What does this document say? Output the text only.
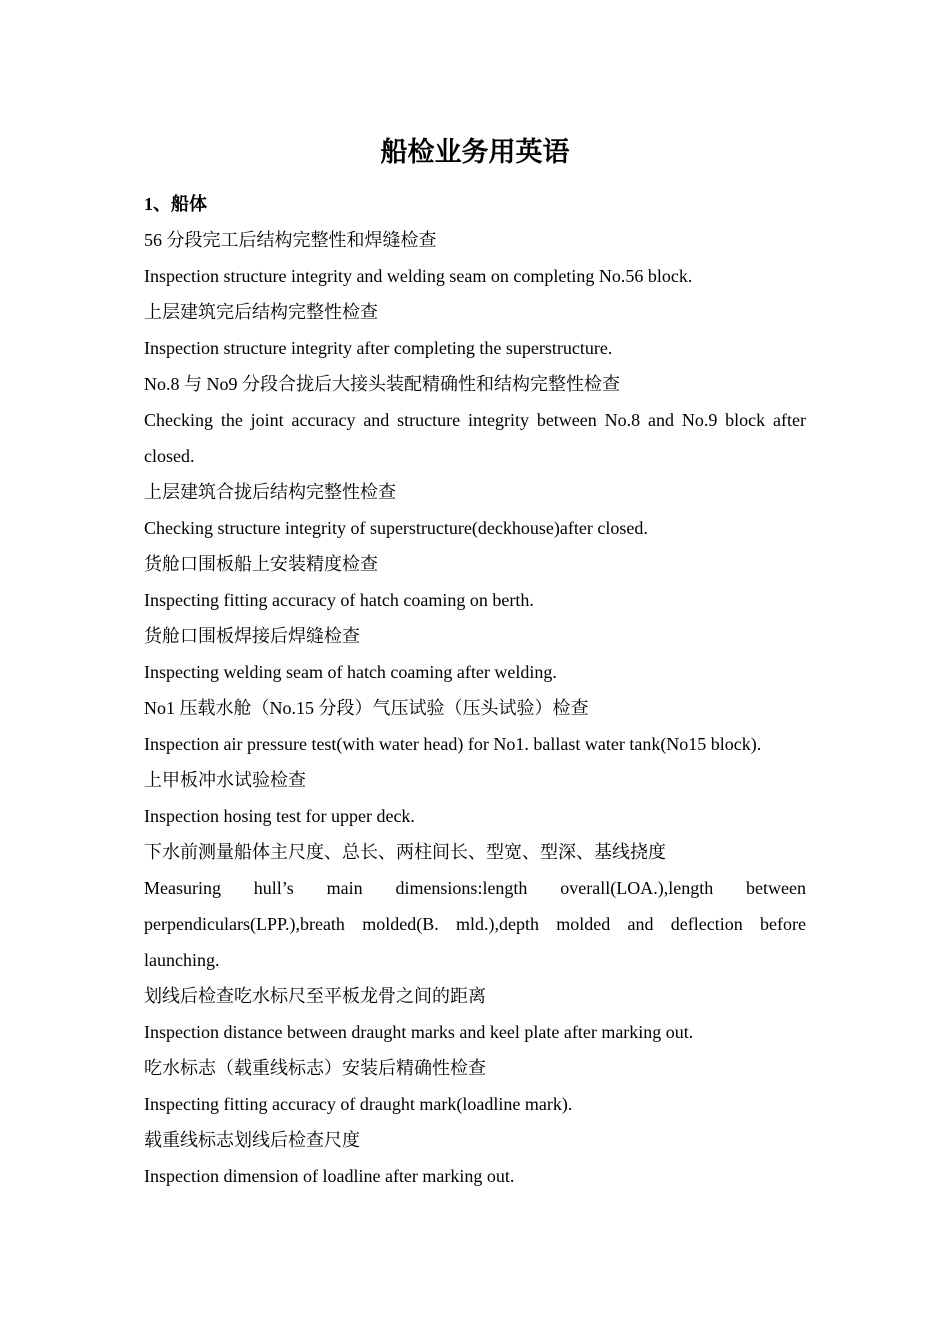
船检业务用英语

1、船体

56 分段完工后结构完整性和焊缝检查

Inspection structure integrity and welding seam on completing No.56 block.

上层建筑完后结构完整性检查

Inspection structure integrity after completing the superstructure.

No.8 与 No9 分段合拢后大接头装配精确性和结构完整性检查

Checking the joint accuracy and structure integrity between No.8 and No.9 block after closed.

上层建筑合拢后结构完整性检查

Checking structure integrity of superstructure(deckhouse)after closed.

货舱口围板船上安装精度检查

Inspecting fitting accuracy of hatch coaming on berth.

货舱口围板焊接后焊缝检查

Inspecting welding seam of hatch coaming after welding.

No1 压载水舱（No.15 分段）气压试验（压头试验）检查

Inspection air pressure test(with water head) for No1. ballast water tank(No15 block).

上甲板冲水试验检查

Inspection hosing test for upper deck.

下水前测量船体主尺度、总长、两柱间长、型宽、型深、基线挠度

Measuring hull’s main dimensions:length overall(LOA.),length between perpendiculars(LPP.),breath molded(B. mld.),depth molded and deflection before launching.

划线后检查吃水标尺至平板龙骨之间的距离

Inspection distance between draught marks and keel plate after marking out.

吃水标志（载重线标志）安装后精确性检查

Inspecting fitting accuracy of draught mark(loadline mark).

载重线标志划线后检查尺度

Inspection dimension of loadline after marking out.
